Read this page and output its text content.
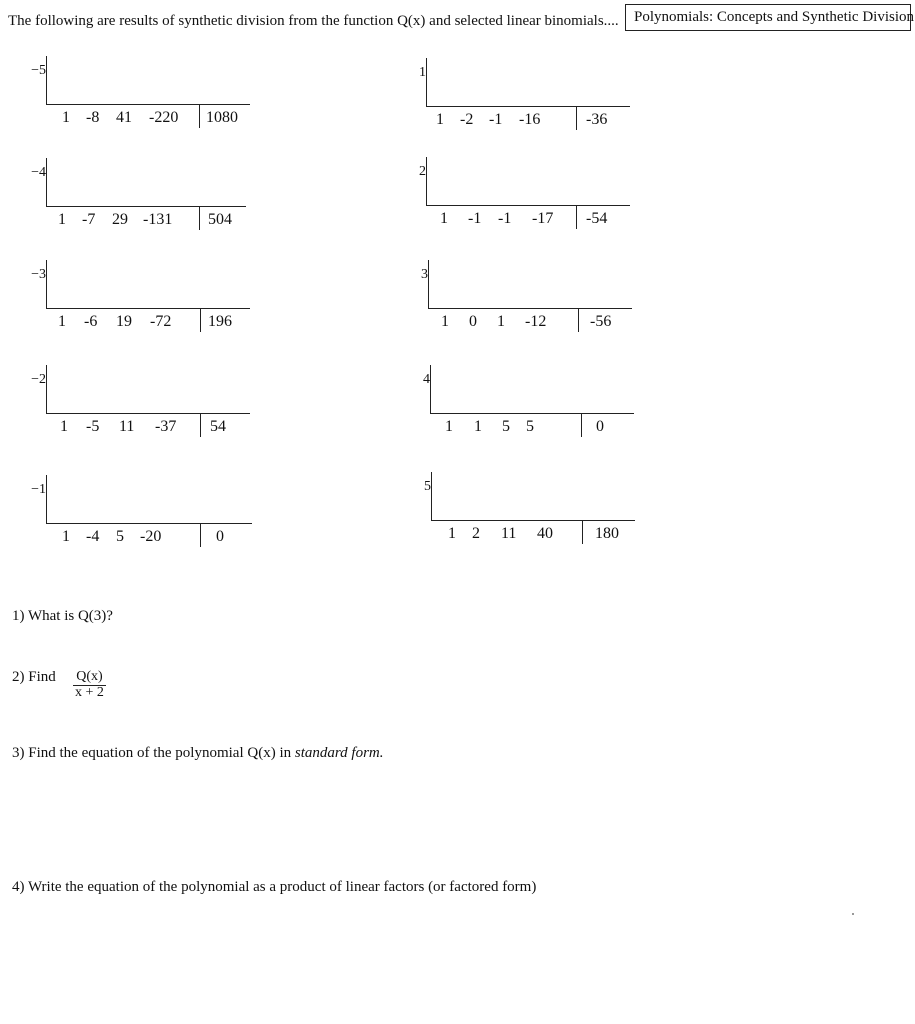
The following are results of synthetic division from the function Q(x) and selected linear binomials....	Polynomials: Concepts and Synthetic Division
−5
1 -8 41 -220 1080
−4
1 -7 29 -131 504
−3
1 -6 19 -72 196
−2
1 -5 11 -37 54
−1
1 -4 5 -20	0
1
1 -2 -1 -16	-36
2
1 -1 -1 -17 -54
3
1 0 1 -12	-56
4
1 1 5 5	0
5
1 2 11 40	180
1) What is Q(3)?
2) Find $\frac{Q(x)}{x + 2}$
3) Find the equation of the polynomial Q(x) in standard form.
4) Write the equation of the polynomial as a product of linear factors (or factored form)
